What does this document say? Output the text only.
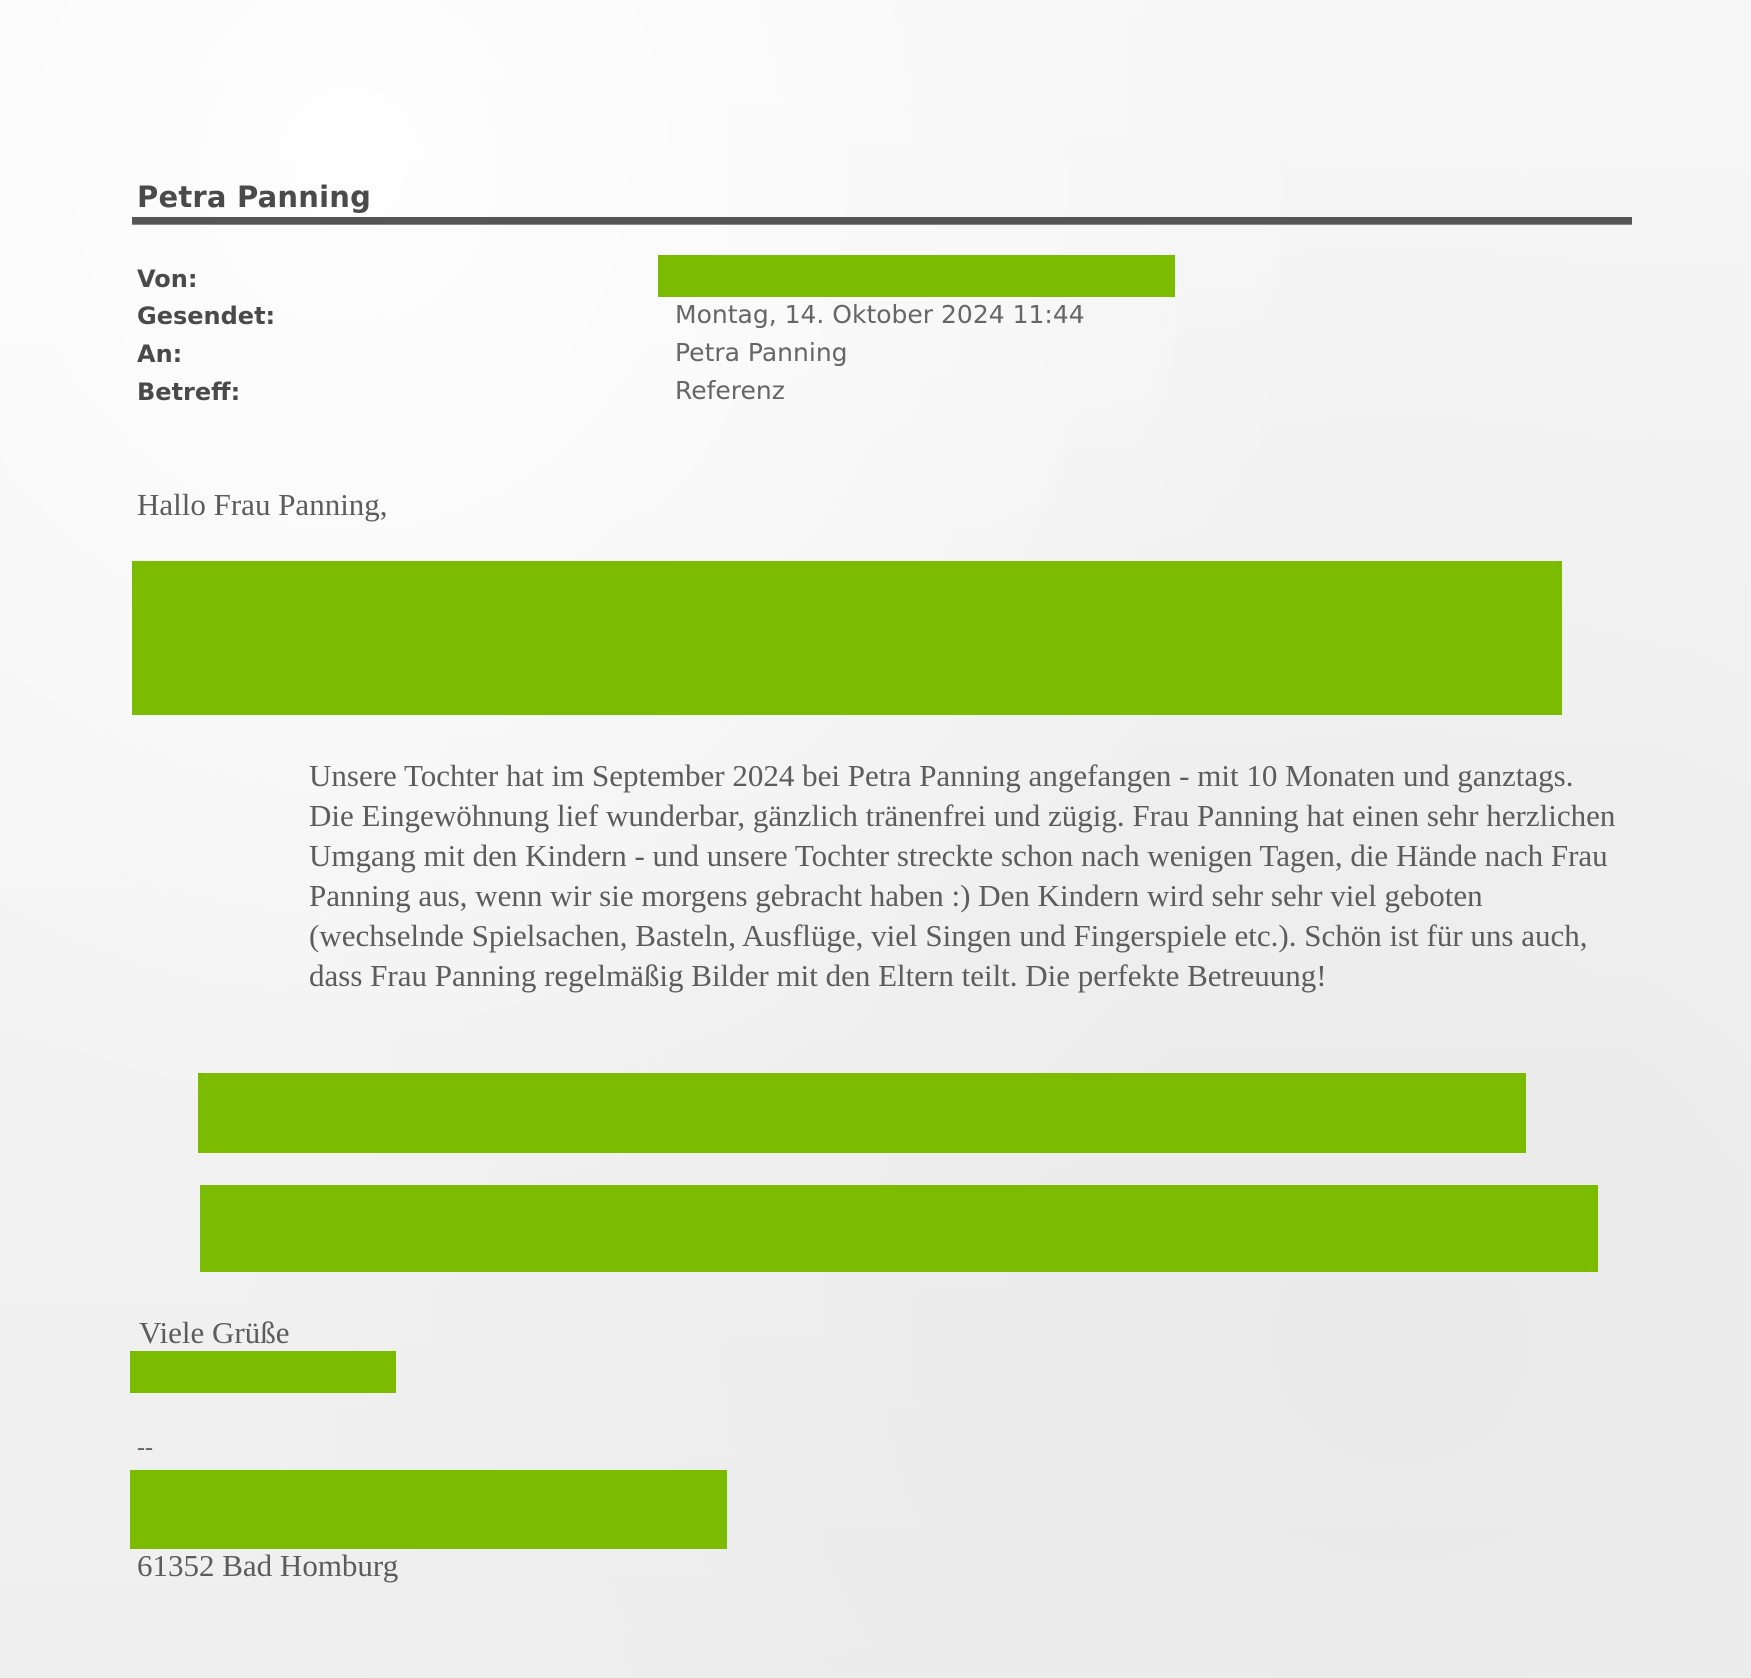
Petra Panning
Von:
Gesendet:	Montag, 14. Oktober 2024 11:44
An:	Petra Panning
Betreff:	Referenz
Hallo Frau Panning,

Unsere Tochter hat im September 2024 bei Petra Panning angefangen - mit 10 Monaten und ganztags. Die Eingewöhnung lief wunderbar, gänzlich tränenfrei und zügig. Frau Panning hat einen sehr herzlichen Umgang mit den Kindern - und unsere Tochter streckte schon nach wenigen Tagen, die Hände nach Frau Panning aus, wenn wir sie morgens gebracht haben :) Den Kindern wird sehr sehr viel geboten (wechselnde Spielsachen, Basteln, Ausflüge, viel Singen und Fingerspiele etc.). Schön ist für uns auch, dass Frau Panning regelmäßig Bilder mit den Eltern teilt. Die perfekte Betreuung!

Viele Grüße
--
61352 Bad Homburg
